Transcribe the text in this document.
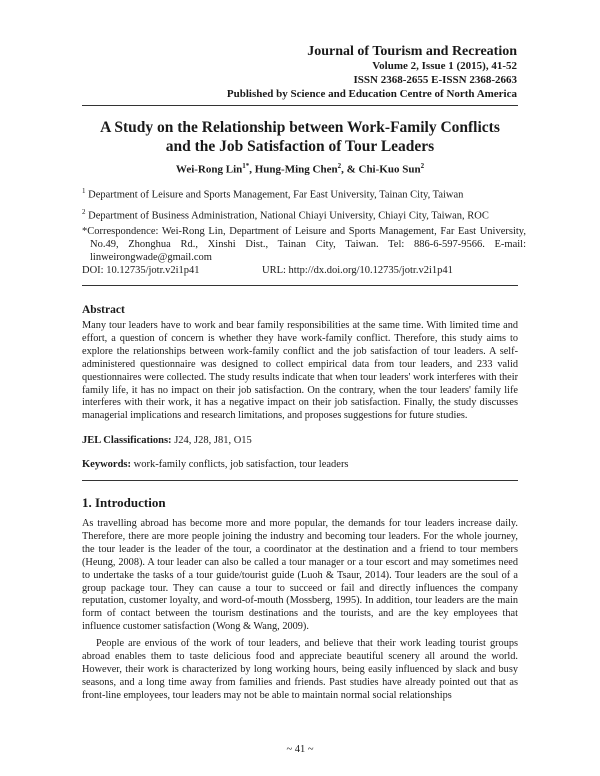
Journal of Tourism and Recreation
Volume 2, Issue 1 (2015), 41-52
ISSN 2368-2655 E-ISSN 2368-2663
Published by Science and Education Centre of North America
A Study on the Relationship between Work-Family Conflicts
and the Job Satisfaction of Tour Leaders
Wei-Rong Lin$^{1*}$, Hung-Ming Chen$^2$, & Chi-Kuo Sun$^2$
$^1$ Department of Leisure and Sports Management, Far East University, Tainan City, Taiwan
$^2$ Department of Business Administration, National Chiayi University, Chiayi City, Taiwan, ROC
*Correspondence: Wei-Rong Lin, Department of Leisure and Sports Management, Far East University, No.49, Zhonghua Rd., Xinshi Dist., Tainan City, Taiwan. Tel: 886-6-597-9566. E-mail: linweirongwade@gmail.com
DOI: 10.12735/jotr.v2i1p41	URL: http://dx.doi.org/10.12735/jotr.v2i1p41
Abstract
Many tour leaders have to work and bear family responsibilities at the same time. With limited time and effort, a question of concern is whether they have work-family conflict. Therefore, this study aims to explore the relationships between work-family conflict and the job satisfaction of tour leaders. A self-administered questionnaire was designed to collect empirical data from tour leaders, and 233 valid questionnaires were collected. The study results indicate that when tour leaders' work interferes with their family life, it has no impact on their job satisfaction. On the contrary, when the tour leaders' family life interferes with their work, it has a negative impact on their job satisfaction. Finally, the study discusses managerial implications and research limitations, and proposes suggestions for future studies.
JEL Classifications: J24, J28, J81, O15
Keywords: work-family conflicts, job satisfaction, tour leaders
1. Introduction
As travelling abroad has become more and more popular, the demands for tour leaders increase daily. Therefore, there are more people joining the industry and becoming tour leaders. For the whole journey, the tour leader is the leader of the tour, a coordinator at the destination and a friend to tour members (Heung, 2008). A tour leader can also be called a tour manager or a tour escort and may sometimes need to undertake the tasks of a tour guide/tourist guide (Luoh & Tsaur, 2014). Tour leaders are the soul of a group package tour. They can cause a tour to succeed or fail and directly influences the company reputation, customer loyalty, and word-of-mouth (Mossberg, 1995). In addition, tour leaders are the main form of contact between the tourism destinations and the tourists, and are the key employees that influence customer satisfaction (Wong & Wang, 2009).
People are envious of the work of tour leaders, and believe that their work leading tourist groups abroad enables them to taste delicious food and appreciate beautiful scenery all around the world. However, their work is characterized by long working hours, being easily influenced by slack and busy seasons, and a long time away from families and friends. Past studies have already pointed out that as front-line employees, tour leaders may not be able to maintain normal social relationships
~ 41 ~
